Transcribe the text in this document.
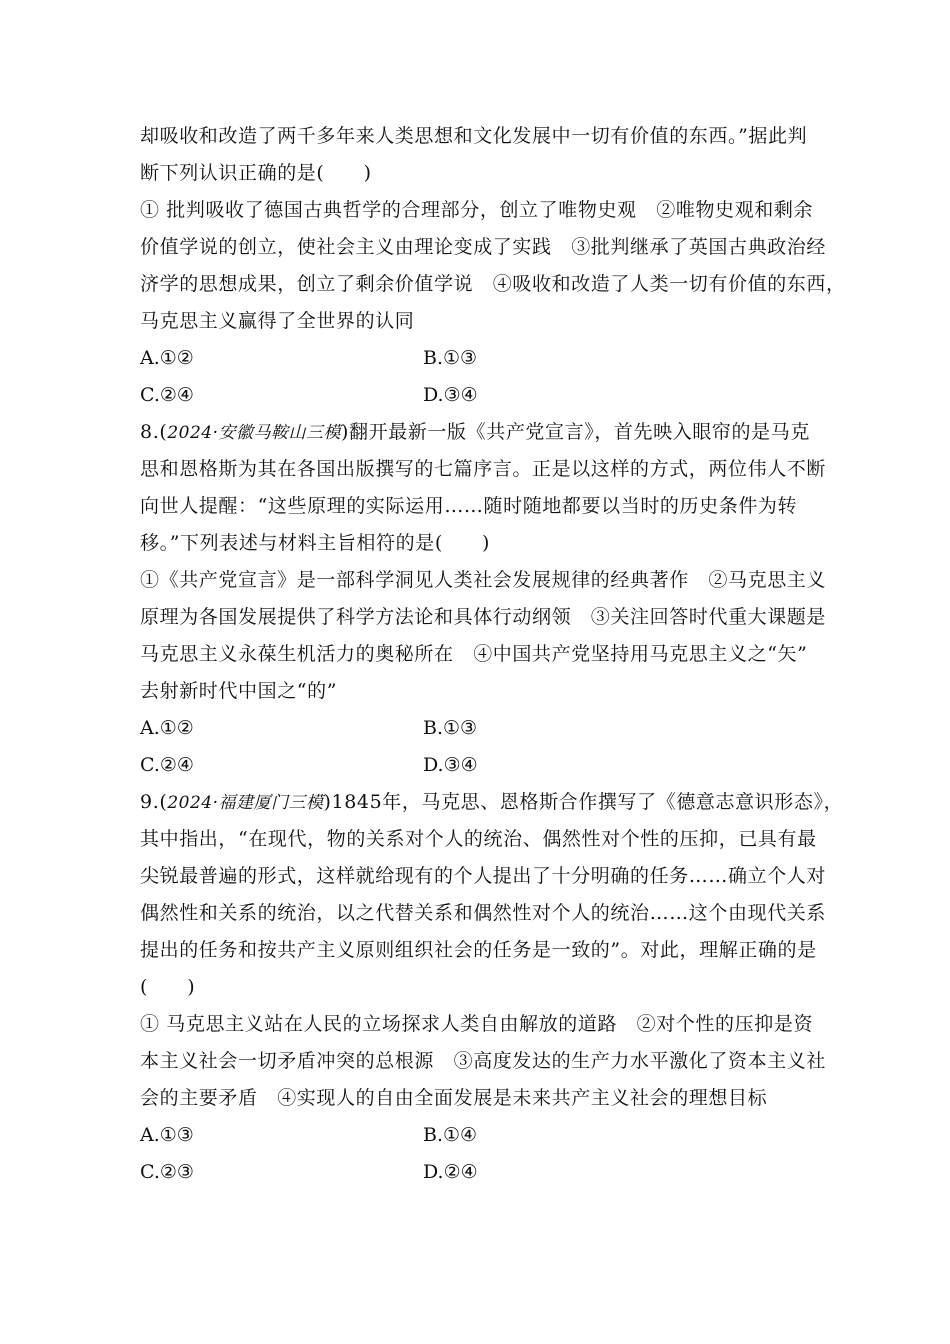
却吸收和改造了两千多年来人类思想和文化发展中一切有价值的东西。”据此判
断下列认识正确的是(　　)
① 批判吸收了德国古典哲学的合理部分，创立了唯物史观　②唯物史观和剩余
价值学说的创立，使社会主义由理论变成了实践　③批判继承了英国古典政治经
济学的思想成果，创立了剩余价值学说　④吸收和改造了人类一切有价值的东西，
马克思主义赢得了全世界的认同
A.①②	B.①③
C.②④	D.③④
8.(2024·安徽马鞍山三模)翻开最新一版《共产党宣言》，首先映入眼帘的是马克
思和恩格斯为其在各国出版撰写的七篇序言。正是以这样的方式，两位伟人不断
向世人提醒：“这些原理的实际运用……随时随地都要以当时的历史条件为转
移。”下列表述与材料主旨相符的是(　　)
①《共产党宣言》是一部科学洞见人类社会发展规律的经典著作　②马克思主义
原理为各国发展提供了科学方法论和具体行动纲领　③关注回答时代重大课题是
马克思主义永葆生机活力的奥秘所在　④中国共产党坚持用马克思主义之“矢”
去射新时代中国之“的”
A.①②	B.①③
C.②④	D.③④
9.(2024·福建厦门三模)1845年，马克思、恩格斯合作撰写了《德意志意识形态》，
其中指出，“在现代，物的关系对个人的统治、偶然性对个性的压抑，已具有最
尖锐最普遍的形式，这样就给现有的个人提出了十分明确的任务……确立个人对
偶然性和关系的统治，以之代替关系和偶然性对个人的统治……这个由现代关系
提出的任务和按共产主义原则组织社会的任务是一致的”。对此，理解正确的是
(　　)
① 马克思主义站在人民的立场探求人类自由解放的道路　②对个性的压抑是资
本主义社会一切矛盾冲突的总根源　③高度发达的生产力水平激化了资本主义社
会的主要矛盾　④实现人的自由全面发展是未来共产主义社会的理想目标
A.①③	B.①④
C.②③	D.②④
